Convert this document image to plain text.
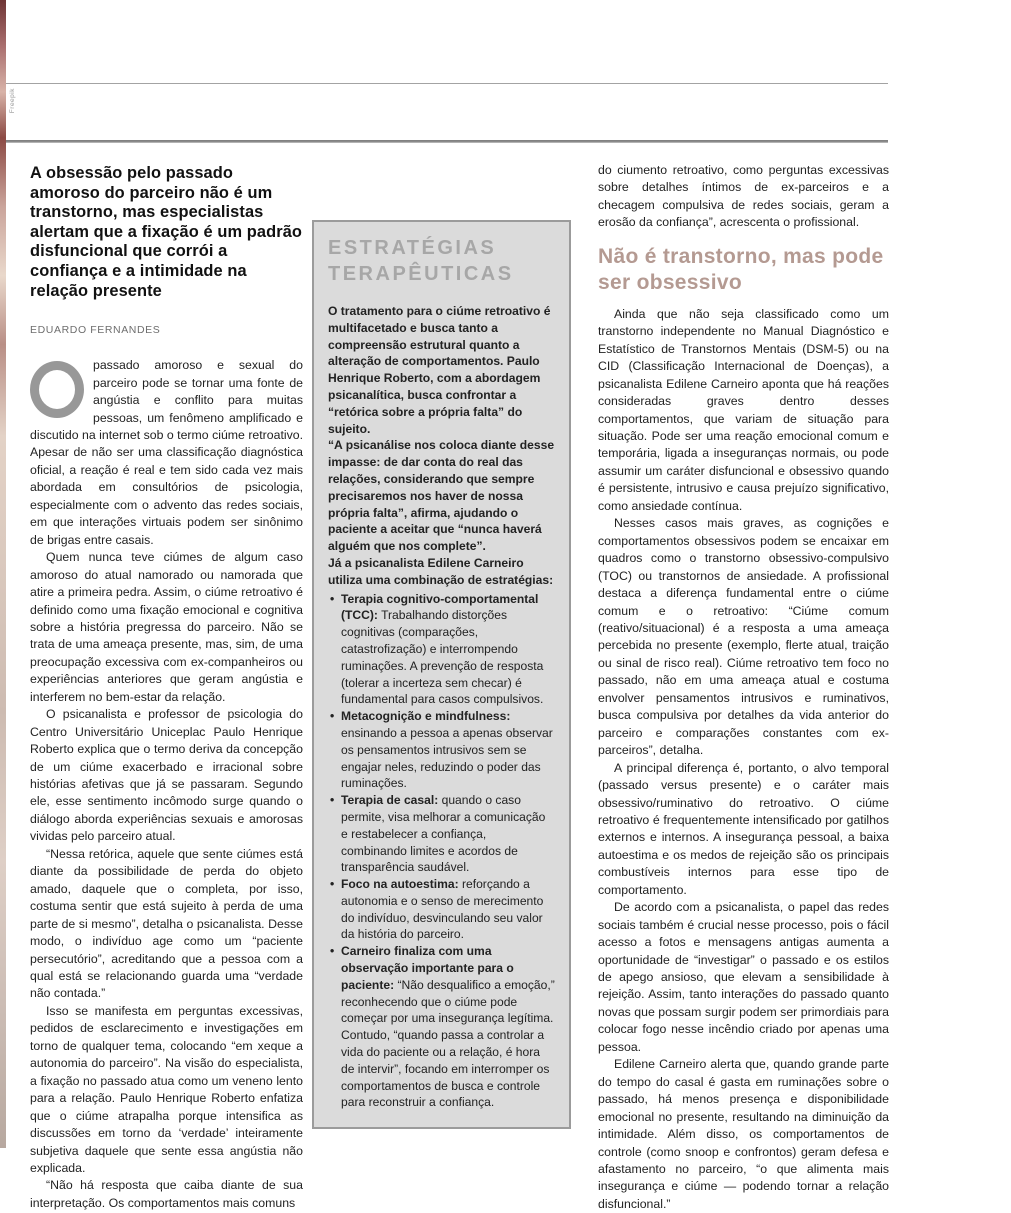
Freepik
A obsessão pelo passado amoroso do parceiro não é um transtorno, mas especialistas alertam que a fixação é um padrão disfuncional que corrói a confiança e a intimidade na relação presente
EDUARDO FERNANDES

passado amoroso e sexual do parceiro pode se tornar uma fonte de angústia e conflito para muitas pessoas, um fenômeno amplificado e discutido na internet sob o termo ciúme retroativo. Apesar de não ser uma classificação diagnóstica oficial, a reação é real e tem sido cada vez mais abordada em consultórios de psicologia, especialmente com o advento das redes sociais, em que interações virtuais podem ser sinônimo de brigas entre casais.

Quem nunca teve ciúmes de algum caso amoroso do atual namorado ou namorada que atire a primeira pedra. Assim, o ciúme retroativo é definido como uma fixação emocional e cognitiva sobre a história pregressa do parceiro. Não se trata de uma ameaça presente, mas, sim, de uma preocupação excessiva com ex-companheiros ou experiências anteriores que geram angústia e interferem no bem-estar da relação.

O psicanalista e professor de psicologia do Centro Universitário Uniceplac Paulo Henrique Roberto explica que o termo deriva da concepção de um ciúme exacerbado e irracional sobre histórias afetivas que já se passaram. Segundo ele, esse sentimento incômodo surge quando o diálogo aborda experiências sexuais e amorosas vividas pelo parceiro atual.

“Nessa retórica, aquele que sente ciúmes está diante da possibilidade de perda do objeto amado, daquele que o completa, por isso, costuma sentir que está sujeito à perda de uma parte de si mesmo”, detalha o psicanalista. Desse modo, o indivíduo age como um “paciente persecutório”, acreditando que a pessoa com a qual está se relacionando guarda uma “verdade não contada.”

Isso se manifesta em perguntas excessivas, pedidos de esclarecimento e investigações em torno de qualquer tema, colocando “em xeque a autonomia do parceiro”. Na visão do especialista, a fixação no passado atua como um veneno lento para a relação. Paulo Henrique Roberto enfatiza que o ciúme atrapalha porque intensifica as discussões em torno da ‘verdade’ inteiramente subjetiva daquele que sente essa angústia não explicada.

“Não há resposta que caiba diante de sua interpretação. Os comportamentos mais comuns

ESTRATÉGIAS
TERAPÊUTICAS

O tratamento para o ciúme retroativo é multifacetado e busca tanto a compreensão estrutural quanto a alteração de comportamentos. Paulo Henrique Roberto, com a abordagem psicanalítica, busca confrontar a “retórica sobre a própria falta” do sujeito.

“A psicanálise nos coloca diante desse impasse: de dar conta do real das relações, considerando que sempre precisaremos nos haver de nossa própria falta”, afirma, ajudando o paciente a aceitar que “nunca haverá alguém que nos complete”.

Já a psicanalista Edilene Carneiro utiliza uma combinação de estratégias:

• Terapia cognitivo-comportamental (TCC): Trabalhando distorções cognitivas (comparações, catastrofização) e interrompendo ruminações. A prevenção de resposta (tolerar a incerteza sem checar) é fundamental para casos compulsivos.
• Metacognição e mindfulness: ensinando a pessoa a apenas observar os pensamentos intrusivos sem se engajar neles, reduzindo o poder das ruminações.
• Terapia de casal: quando o caso permite, visa melhorar a comunicação e restabelecer a confiança, combinando limites e acordos de transparência saudável.
• Foco na autoestima: reforçando a autonomia e o senso de merecimento do indivíduo, desvinculando seu valor da história do parceiro.
• Carneiro finaliza com uma observação importante para o paciente: “Não desqualifico a emoção,” reconhecendo que o ciúme pode começar por uma insegurança legítima. Contudo, “quando passa a controlar a vida do paciente ou a relação, é hora de intervir”, focando em interromper os comportamentos de busca e controle para reconstruir a confiança.

do ciumento retroativo, como perguntas excessivas sobre detalhes íntimos de ex-parceiros e a checagem compulsiva de redes sociais, geram a erosão da confiança”, acrescenta o profissional.

Não é transtorno, mas pode ser obsessivo

Ainda que não seja classificado como um transtorno independente no Manual Diagnóstico e Estatístico de Transtornos Mentais (DSM-5) ou na CID (Classificação Internacional de Doenças), a psicanalista Edilene Carneiro aponta que há reações consideradas graves dentro desses comportamentos, que variam de situação para situação. Pode ser uma reação emocional comum e temporária, ligada a inseguranças normais, ou pode assumir um caráter disfuncional e obsessivo quando é persistente, intrusivo e causa prejuízo significativo, como ansiedade contínua.

Nesses casos mais graves, as cognições e comportamentos obsessivos podem se encaixar em quadros como o transtorno obsessivo-compulsivo (TOC) ou transtornos de ansiedade. A profissional destaca a diferença fundamental entre o ciúme comum e o retroativo: “Ciúme comum (reativo/situacional) é a resposta a uma ameaça percebida no presente (exemplo, flerte atual, traição ou sinal de risco real). Ciúme retroativo tem foco no passado, não em uma ameaça atual e costuma envolver pensamentos intrusivos e ruminativos, busca compulsiva por detalhes da vida anterior do parceiro e comparações constantes com ex-parceiros”, detalha.

A principal diferença é, portanto, o alvo temporal (passado versus presente) e o caráter mais obsessivo/ruminativo do retroativo. O ciúme retroativo é frequentemente intensificado por gatilhos externos e internos. A insegurança pessoal, a baixa autoestima e os medos de rejeição são os principais combustíveis internos para esse tipo de comportamento.

De acordo com a psicanalista, o papel das redes sociais também é crucial nesse processo, pois o fácil acesso a fotos e mensagens antigas aumenta a oportunidade de “investigar” o passado e os estilos de apego ansioso, que elevam a sensibilidade à rejeição. Assim, tanto interações do passado quanto novas que possam surgir podem ser primordiais para colocar fogo nesse incêndio criado por apenas uma pessoa.

Edilene Carneiro alerta que, quando grande parte do tempo do casal é gasta em ruminações sobre o passado, há menos presença e disponibilidade emocional no presente, resultando na diminuição da intimidade. Além disso, os comportamentos de controle (como snoop e confrontos) geram defesa e afastamento no parceiro, “o que alimenta mais insegurança e ciúme — podendo tornar a relação disfuncional.”
